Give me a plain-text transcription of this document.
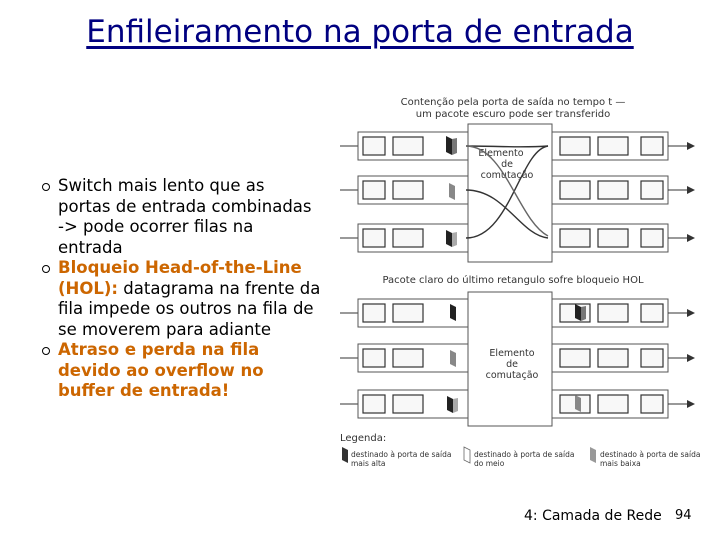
Enfileiramento na porta de entrada
Switch mais lento que as portas de entrada combinadas -> pode ocorrer filas na entrada
Bloqueio Head-of-the-Line (HOL): datagrama na frente da fila impede os outros na fila de se moverem para adiante
Atraso e perda na fila devido ao overflow no buffer de entrada!
Contenção pela porta de saída no tempo t —
um pacote escuro pode ser transferido
Elemento
de
comutação
Pacote claro do último retangulo sofre bloqueio HOL
Elemento
de
comutação
Legenda:
destinado à porta de saída
mais alta
destinado à porta de saída
do meio
destinado à porta de saída
mais baixa
4: Camada de Rede 94
